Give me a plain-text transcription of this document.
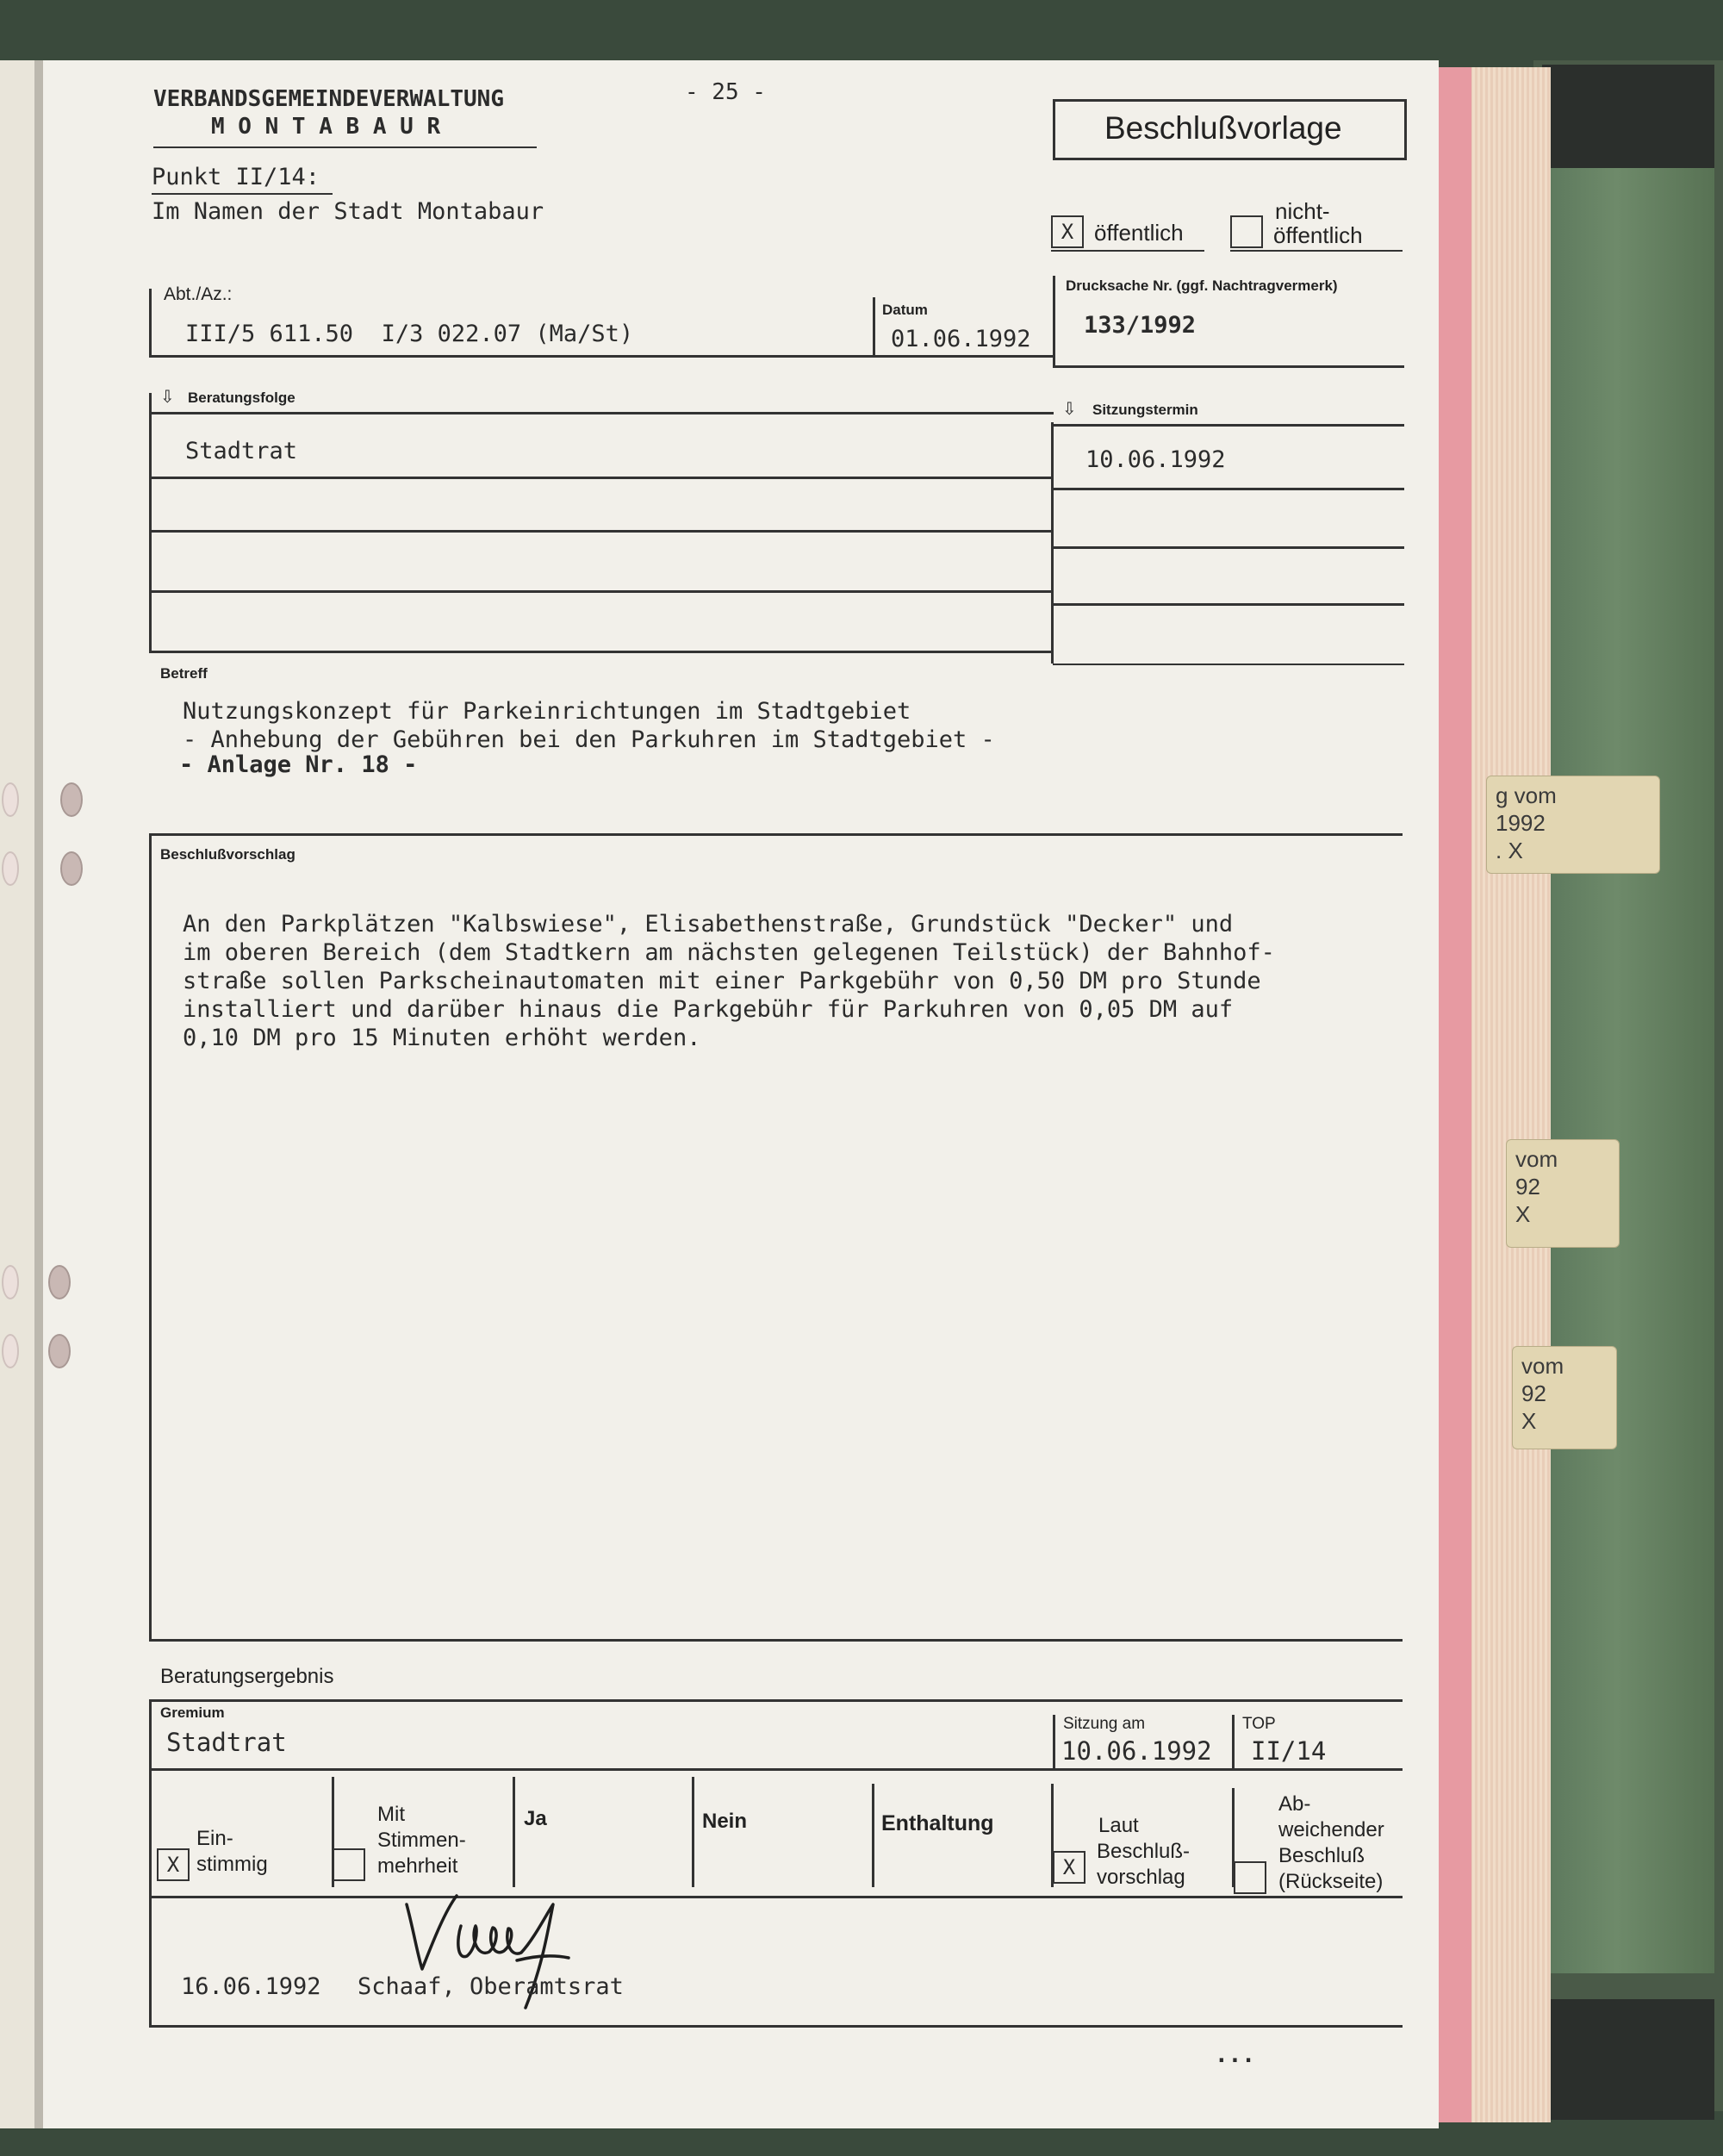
g vom
1992
. X
vom
92
X
vom
92
X
VERBANDSGEMEINDEVERWALTUNG
M O N T A B A U R
- 25 -
Beschlußvorlage
Punkt II/14:
Im Namen der Stadt Montabaur
X öffentlich
nicht-
öffentlich
Abt./Az.:
III/5 611.50  I/3 022.07 (Ma/St)
Datum
01.06.1992
Drucksache Nr. (ggf. Nachtragvermerk)
133/1992
⇩ Beratungsfolge
⇩ Sitzungstermin
Stadtrat	10.06.1992
Betreff
Nutzungskonzept für Parkeinrichtungen im Stadtgebiet
- Anhebung der Gebühren bei den Parkuhren im Stadtgebiet -
- Anlage Nr. 18 -
Beschlußvorschlag
An den Parkplätzen "Kalbswiese", Elisabethenstraße, Grundstück "Decker" und
im oberen Bereich (dem Stadtkern am nächsten gelegenen Teilstück) der Bahnhof-
straße sollen Parkscheinautomaten mit einer Parkgebühr von 0,50 DM pro Stunde
installiert und darüber hinaus die Parkgebühr für Parkuhren von 0,05 DM auf
0,10 DM pro 15 Minuten erhöht werden.
Beratungsergebnis
Gremium
Stadtrat
Sitzung am
10.06.1992
TOP
II/14
X
Ein-
stimmig
Mit
Stimmen-
mehrheit
Ja	Nein	Enthaltung
X
Laut
Beschluß-
vorschlag
Ab-
weichender
Beschluß
(Rückseite)
16.06.1992 Schaaf, Oberamtsrat
...
